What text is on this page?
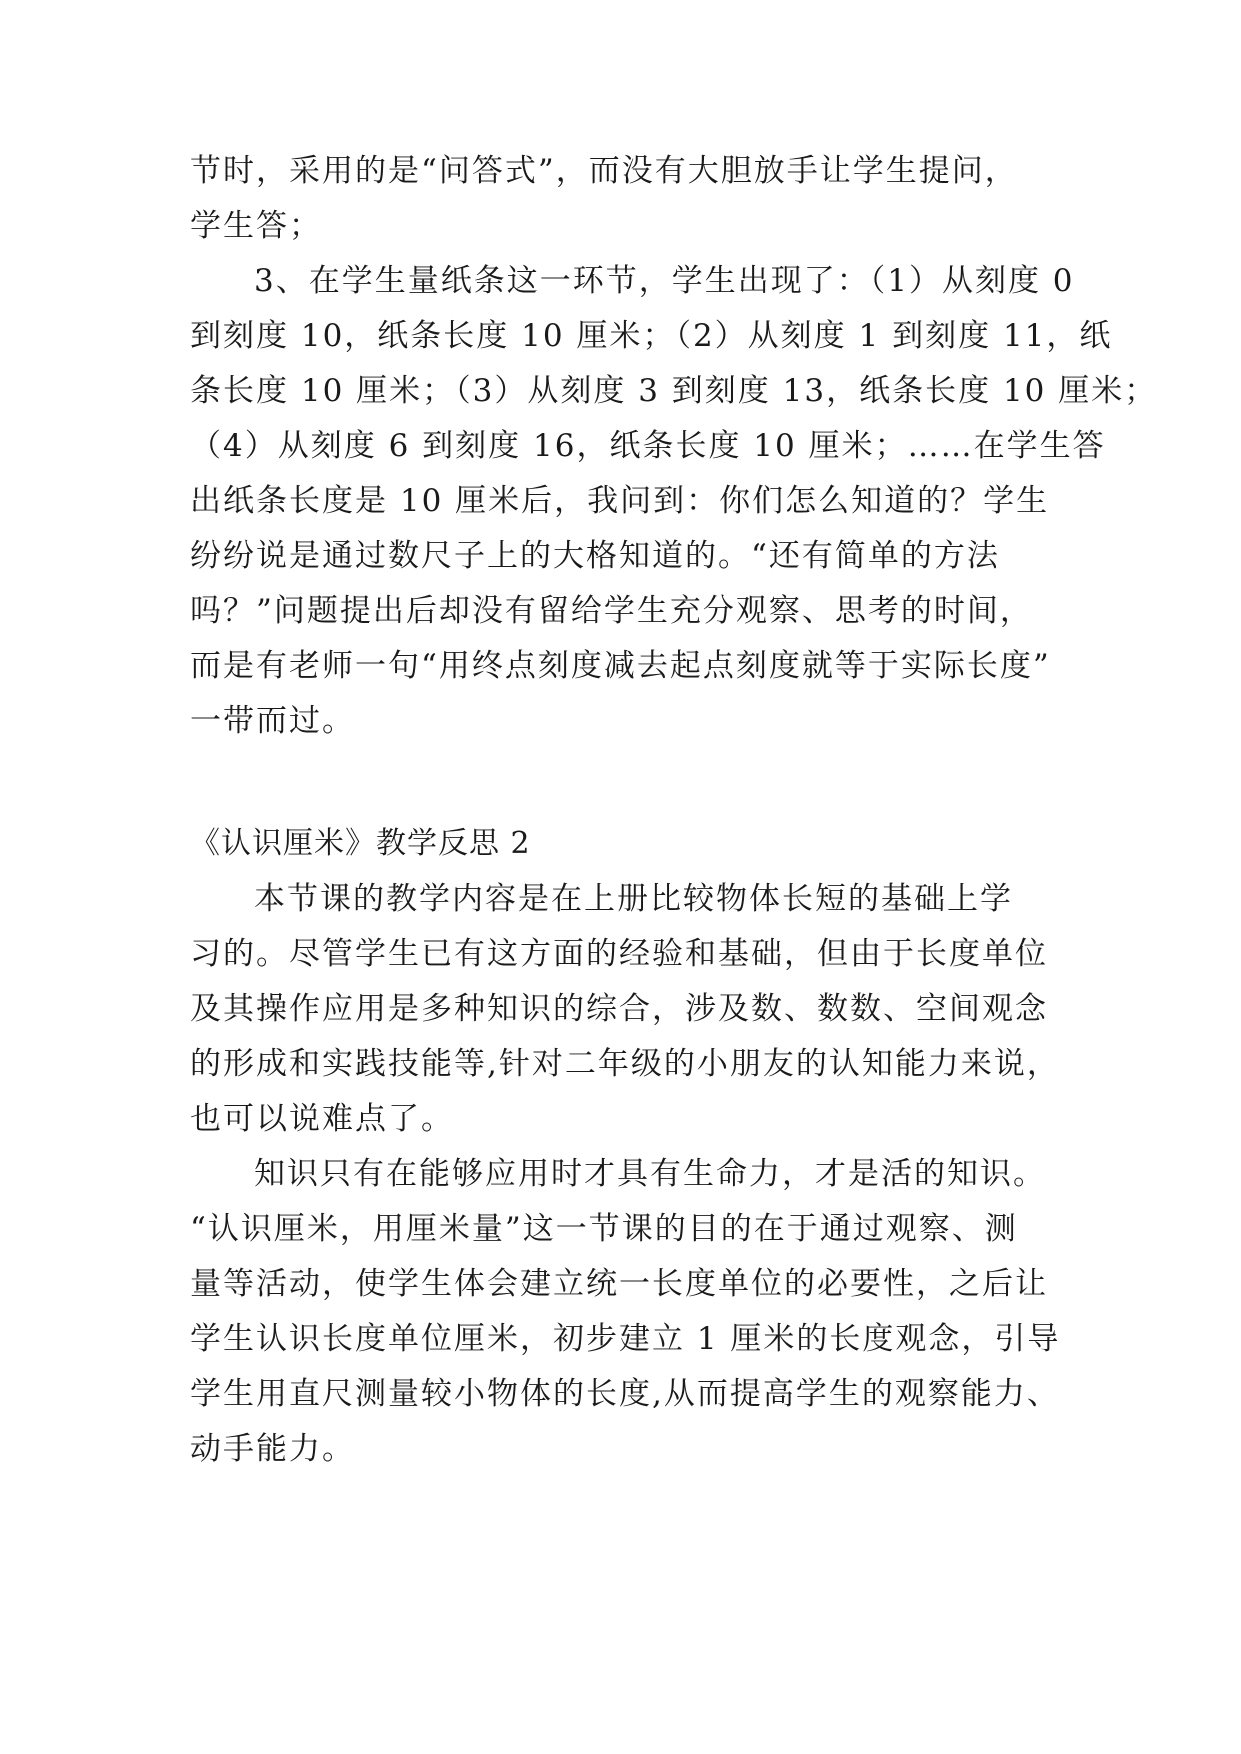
节时，采用的是“问答式”，而没有大胆放手让学生提问，
学生答；
3、在学生量纸条这一环节，学生出现了：（1）从刻度 0
到刻度 10，纸条长度 10 厘米；（2）从刻度 1 到刻度 11，纸
条长度 10 厘米；（3）从刻度 3 到刻度 13，纸条长度 10 厘米；
（4）从刻度 6 到刻度 16，纸条长度 10 厘米；……在学生答
出纸条长度是 10 厘米后，我问到：你们怎么知道的？学生
纷纷说是通过数尺子上的大格知道的。“还有简单的方法
吗？”问题提出后却没有留给学生充分观察、思考的时间，
而是有老师一句“用终点刻度减去起点刻度就等于实际长度”
一带而过。
《认识厘米》教学反思 2
本节课的教学内容是在上册比较物体长短的基础上学
习的。尽管学生已有这方面的经验和基础，但由于长度单位
及其操作应用是多种知识的综合，涉及数、数数、空间观念
的形成和实践技能等,针对二年级的小朋友的认知能力来说，
也可以说难点了。
知识只有在能够应用时才具有生命力，才是活的知识。
“认识厘米，用厘米量”这一节课的目的在于通过观察、测
量等活动，使学生体会建立统一长度单位的必要性，之后让
学生认识长度单位厘米，初步建立 1 厘米的长度观念，引导
学生用直尺测量较小物体的长度,从而提高学生的观察能力、
动手能力。
